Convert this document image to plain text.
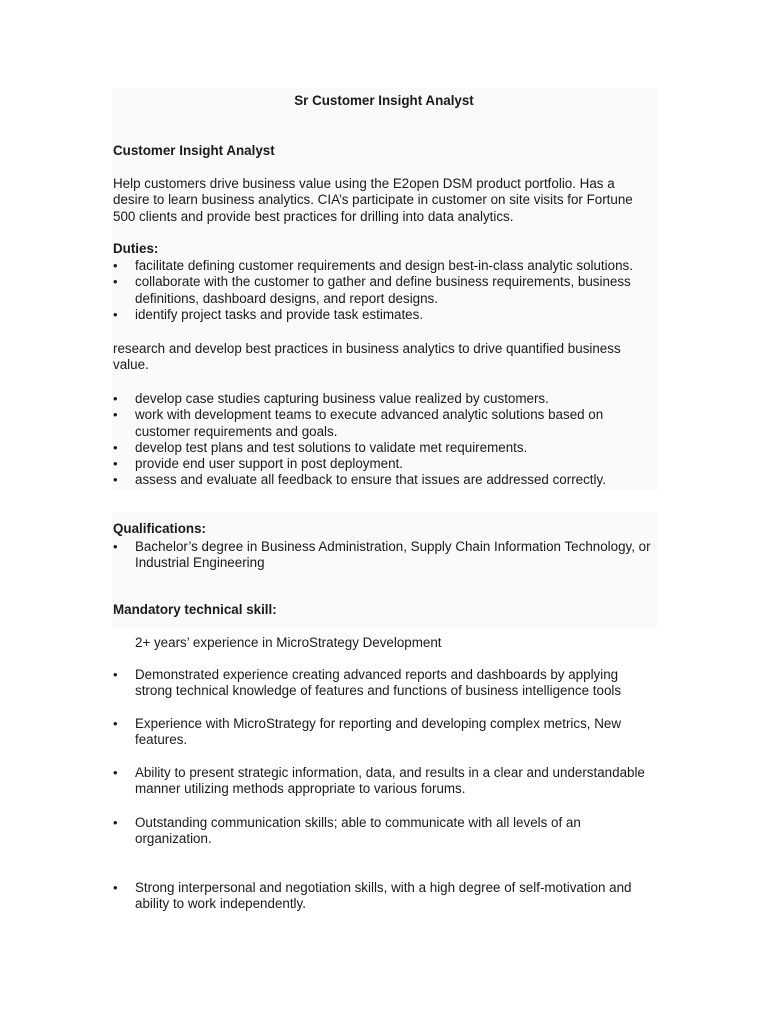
Sr Customer Insight Analyst
Customer Insight Analyst

Help customers drive business value using the E2open DSM product portfolio. Has a desire to learn business analytics. CIA’s participate in customer on site visits for Fortune 500 clients and provide best practices for drilling into data analytics.

Duties:
•	facilitate defining customer requirements and design best-in-class analytic solutions.
•	collaborate with the customer to gather and define business requirements, business definitions, dashboard designs, and report designs.
•	identify project tasks and provide task estimates.

research and develop best practices in business analytics to drive quantified business value.

•	develop case studies capturing business value realized by customers.
•	work with development teams to execute advanced analytic solutions based on customer requirements and goals.
•	develop test plans and test solutions to validate met requirements.
•	provide end user support in post deployment.
•	assess and evaluate all feedback to ensure that issues are addressed correctly.
Qualifications:
•	Bachelor’s degree in Business Administration, Supply Chain Information Technology, or Industrial Engineering
Mandatory technical skill:
2+ years’ experience in MicroStrategy Development
•	Demonstrated experience creating advanced reports and dashboards by applying strong technical knowledge of features and functions of business intelligence tools
•	Experience with MicroStrategy for reporting and developing complex metrics, New features.
•	Ability to present strategic information, data, and results in a clear and understandable manner utilizing methods appropriate to various forums.
•	Outstanding communication skills; able to communicate with all levels of an organization.
•	Strong interpersonal and negotiation skills, with a high degree of self-motivation and ability to work independently.
